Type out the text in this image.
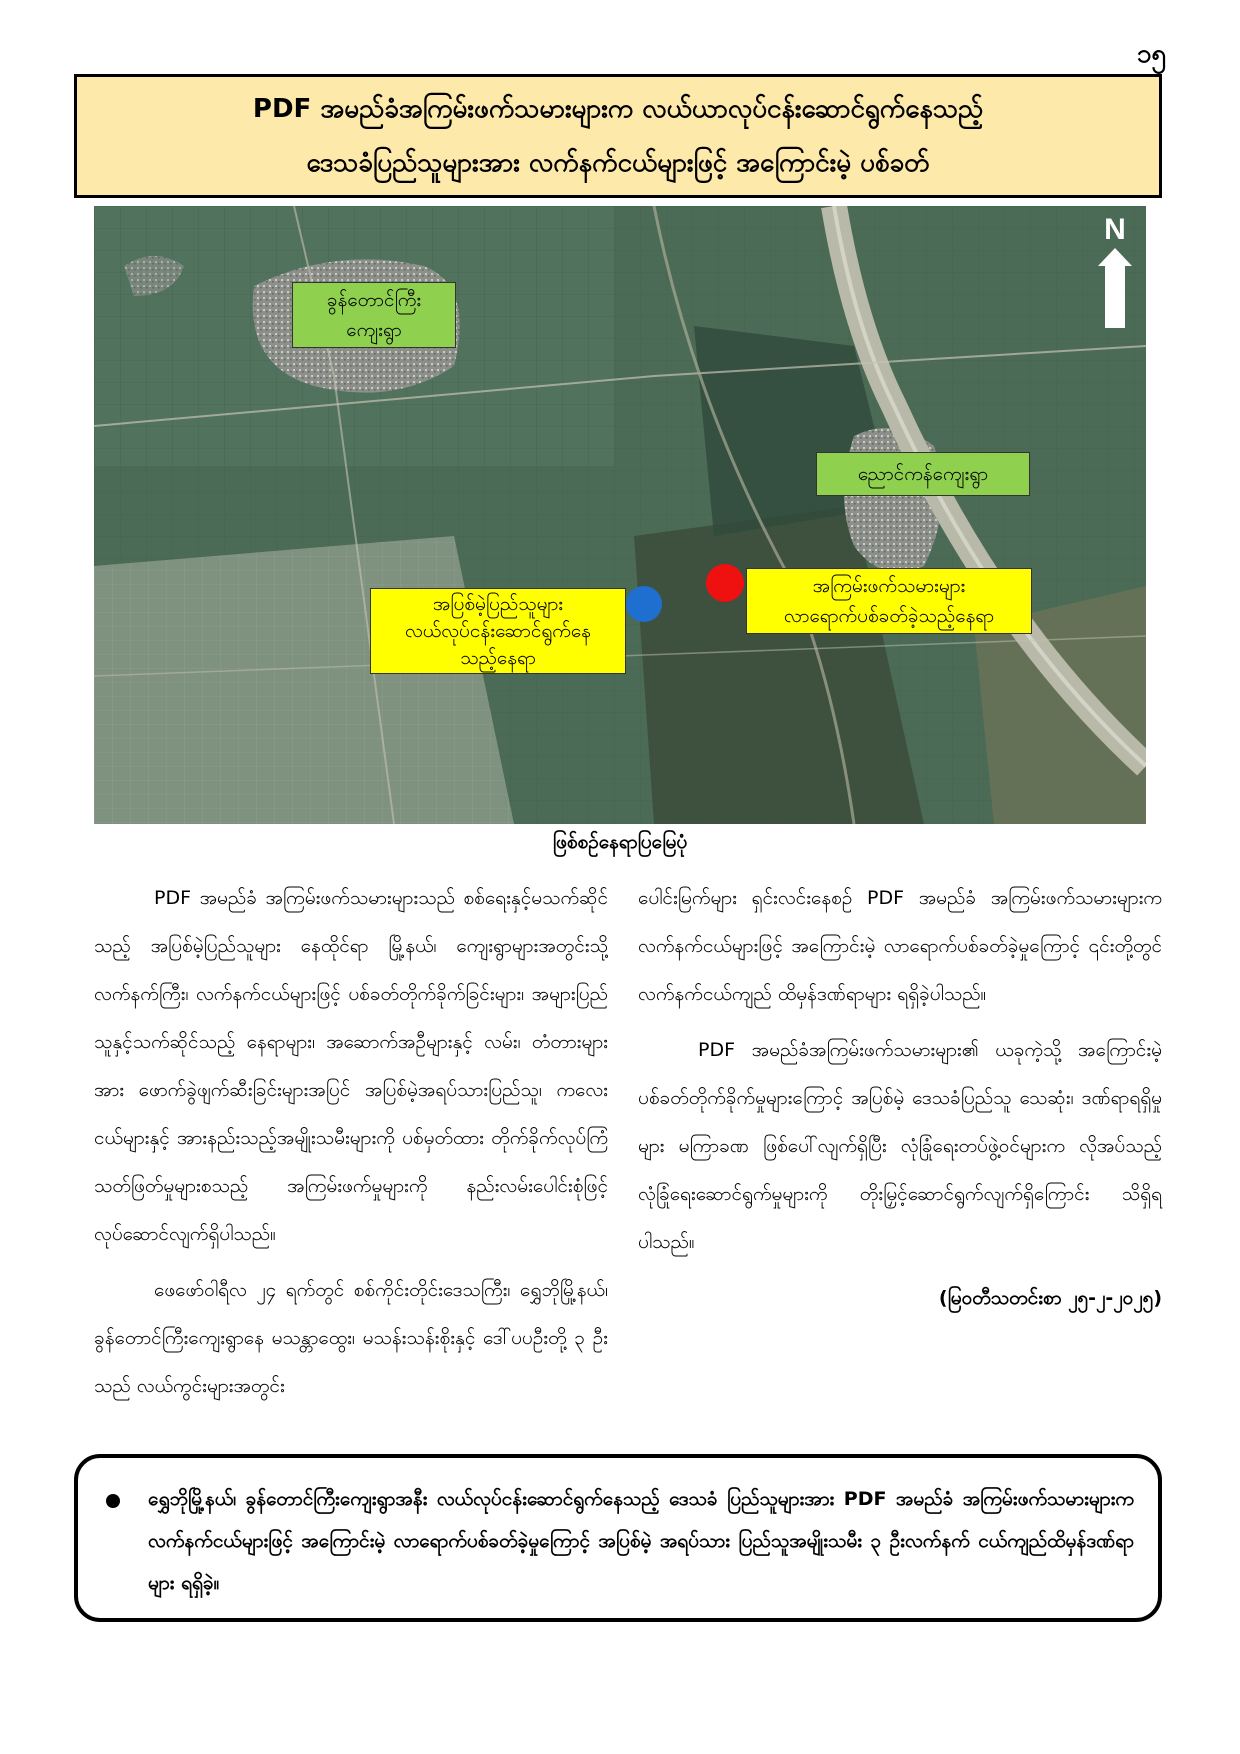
၁၅
PDF အမည်ခံအကြမ်းဖက်သမားများက လယ်ယာလုပ်ငန်းဆောင်ရွက်နေသည့်
ဒေသခံပြည်သူများအား လက်နက်ငယ်များဖြင့် အကြောင်းမဲ့ ပစ်ခတ်
N
ခွန်တောင်ကြီး
ကျေးရွာ
ညောင်ကန်ကျေးရွာ
အပြစ်မဲ့ပြည်သူများ
လယ်လုပ်ငန်းဆောင်ရွက်နေ
သည့်နေရာ
အကြမ်းဖက်သမားများ
လာရောက်ပစ်ခတ်ခဲ့သည့်နေရာ
ဖြစ်စဉ်နေရာပြမြေပုံ

PDF အမည်ခံ အကြမ်းဖက်သမားများသည် စစ်ရေးနှင့်မသက်ဆိုင်သည့် အပြစ်မဲ့ပြည်သူများ နေထိုင်ရာ မြို့နယ်၊ ကျေးရွာများအတွင်းသို့ လက်နက်ကြီး၊ လက်နက်ငယ်များဖြင့် ပစ်ခတ်တိုက်ခိုက်ခြင်းများ၊ အများပြည်သူနှင့်သက်ဆိုင်သည့် နေရာများ၊ အဆောက်အဦများနှင့် လမ်း၊ တံတားများအား ဖောက်ခွဲဖျက်ဆီးခြင်းများအပြင် အပြစ်မဲ့အရပ်သားပြည်သူ၊ ကလေးငယ်များနှင့် အားနည်းသည့်အမျိုးသမီးများကို ပစ်မှတ်ထား တိုက်ခိုက်လုပ်ကြံသတ်ဖြတ်မှုများစသည့် အကြမ်းဖက်မှုများကို နည်းလမ်းပေါင်းစုံဖြင့် လုပ်ဆောင်လျက်ရှိပါသည်။

ဖေဖော်ဝါရီလ ၂၄ ရက်တွင် စစ်ကိုင်းတိုင်းဒေသကြီး၊ ရွှေဘိုမြို့နယ်၊ ခွန်တောင်ကြီးကျေးရွာနေ မသန္တာထွေး၊ မသန်းသန်းစိုးနှင့် ဒေါ်ပပဦးတို့ ၃ ဦးသည် လယ်ကွင်းများအတွင်း

ပေါင်းမြက်များ ရှင်းလင်းနေစဉ် PDF အမည်ခံ အကြမ်းဖက်သမားများက လက်နက်ငယ်များဖြင့် အကြောင်းမဲ့ လာရောက်ပစ်ခတ်ခဲ့မှုကြောင့် ၎င်းတို့တွင် လက်နက်ငယ်ကျည် ထိမှန်ဒဏ်ရာများ ရရှိခဲ့ပါသည်။

PDF အမည်ခံအကြမ်းဖက်သမားများ၏ ယခုကဲ့သို့ အကြောင်းမဲ့ ပစ်ခတ်တိုက်ခိုက်မှုများကြောင့် အပြစ်မဲ့ ဒေသခံပြည်သူ သေဆုံး၊ ဒဏ်ရာရရှိမှုများ မကြာခဏ ဖြစ်ပေါ်လျက်ရှိပြီး လုံခြုံရေးတပ်ဖွဲ့ဝင်များက လိုအပ်သည့် လုံခြုံရေးဆောင်ရွက်မှုများကို တိုးမြှင့်ဆောင်ရွက်လျက်ရှိကြောင်း သိရှိရပါသည်။

(မြဝတီသတင်းစာ ၂၅-၂-၂၀၂၅)
ရွှေဘိုမြို့နယ်၊ ခွန်တောင်ကြီးကျေးရွာအနီး လယ်လုပ်ငန်းဆောင်ရွက်နေသည့် ဒေသခံ ပြည်သူများအား PDF အမည်ခံ အကြမ်းဖက်သမားများက လက်နက်ငယ်များဖြင့် အကြောင်းမဲ့ လာရောက်ပစ်ခတ်ခဲ့မှုကြောင့် အပြစ်မဲ့ အရပ်သား ပြည်သူအမျိုးသမီး ၃ ဦးလက်နက် ငယ်ကျည်ထိမှန်ဒဏ်ရာများ ရရှိခဲ့။
